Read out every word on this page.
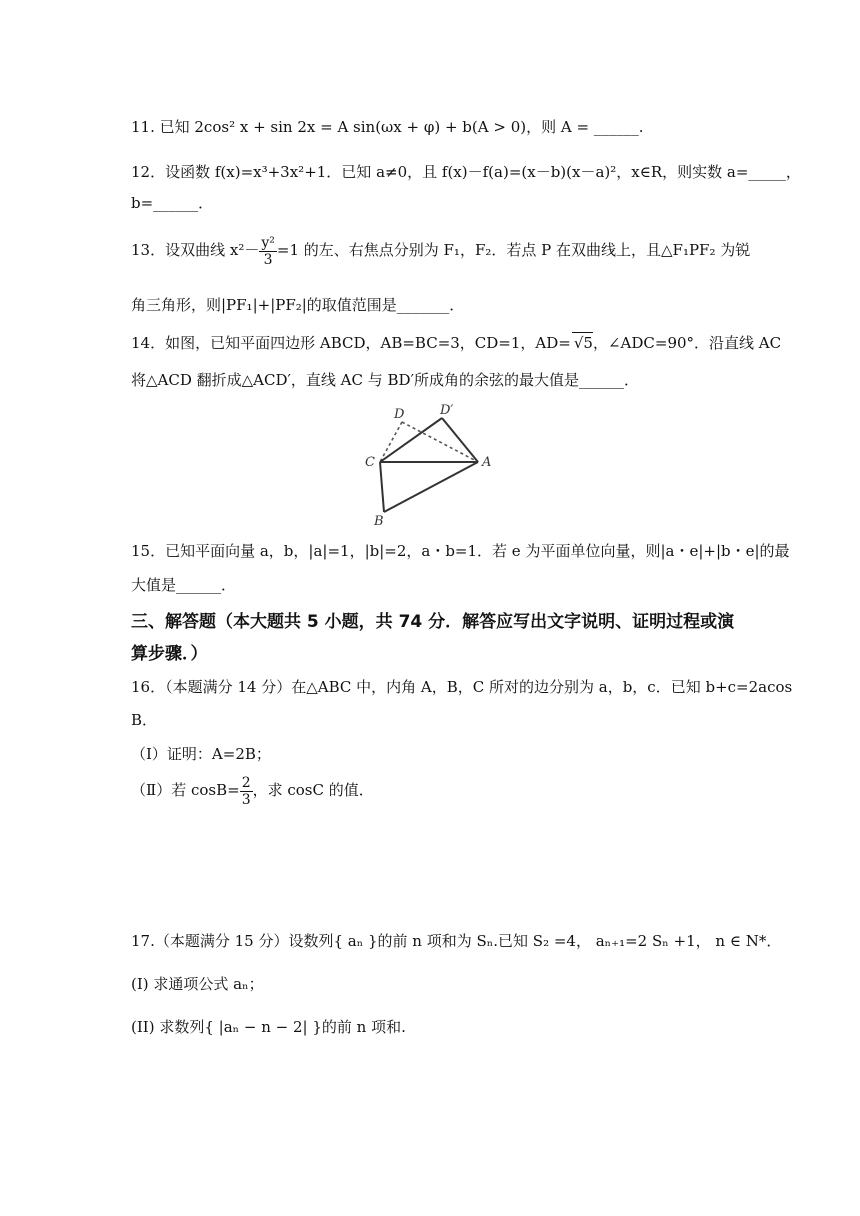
11. 已知 2cos² x + sin 2x = A sin(ωx + φ) + b(A > 0)，则 A = ______.
12．设函数 f(x)=x³+3x²+1．已知 a≠0，且 f(x)－f(a)=(x－b)(x－a)²，x∈R，则实数 a=_____，
b=______．
13．设双曲线 $x^2- \frac{\text{y²}}{3} =1$ 的左、右焦点分别为 F₁，F₂．若点 P 在双曲线上，且△F₁PF₂ 为锐
角三角形，则|PF₁|+|PF₂|的取值范围是_______．
14．如图，已知平面四边形 ABCD，AB=BC=3，CD=1，AD= √5，∠ADC=90°．沿直线 AC
将△ACD 翻折成△ACD′，直线 AC 与 BD′所成角的余弦的最大值是______．
D	D′
C	A
B
15．已知平面向量 a，b，|a|=1，|b|=2，a・b=1．若 e 为平面单位向量，则|a・e|+|b・e|的最
大值是______．
三、解答题（本大题共 5 小题，共 74 分．解答应写出文字说明、证明过程或演
算步骤．）
16．（本题满分 14 分）在△ABC 中，内角 A，B，C 所对的边分别为 a，b，c．已知 b+c=2acos
B．
（Ⅰ）证明：A=2B；
（Ⅱ）若 $\cos B= \frac{2}{3}$ ，求 cosC 的值．
17.（本题满分 15 分）设数列{ aₙ }的前 n 项和为 Sₙ.已知 S₂ =4， aₙ₊₁=2 Sₙ +1， n ∈ N*．
(I) 求通项公式 aₙ；
(II) 求数列{ |aₙ − n − 2| }的前 n 项和.
